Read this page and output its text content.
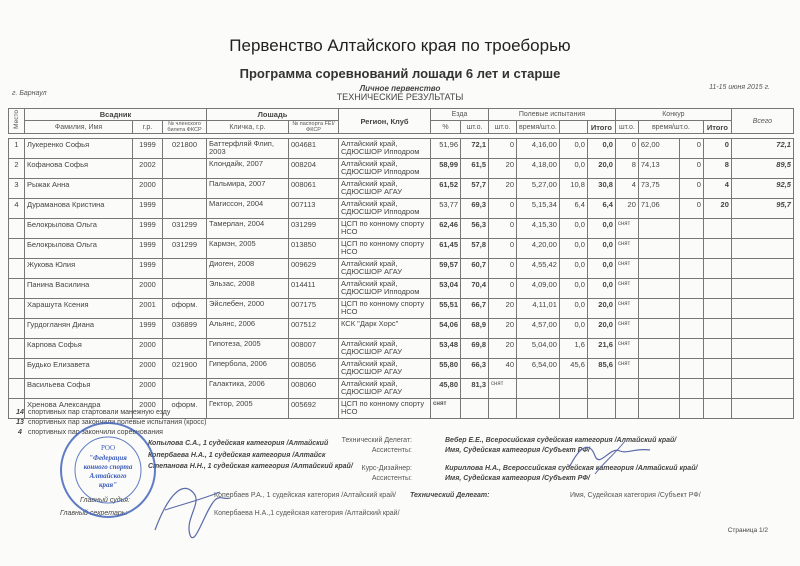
Первенство Алтайского края по троеборью
Программа соревнований лошади 6 лет и старше
Личное первенство	11-15 июня 2015 г.
г. Барнаул	ТЕХНИЧЕСКИЕ РЕЗУЛЬТАТЫ
Место	Всадник			Лошадь		Регион, Клуб	Езда		Полевые испытания				Конкур				Всего
	Фамилия, Имя	г.р.	№ членского билета ФКСР	Кличка, г.р.	№ паспорта FEI/ФКСР		%	шт.о.	шт.о.	время/шт.о.		Итого	шт.о.	время/шт.о.		Итого	

1	Лукеренко Софья	1999	021800	Баттерфляй Флип, 2003	004681	Алтайский край, СДЮСШОР Ипподром	51,96	72,1	0	4,16,00	0,0	0,0	0	62,00	0	0	72,1
2	Кофанова Софья	2002		Клондайк, 2007	008204	Алтайский край, СДЮСШОР Ипподром	58,99	61,5	20	4,18,00	0,0	20,0	8	74,13	0	8	89,5
3	Рыжак Анна	2000		Пальмира, 2007	008061	Алтайский край, СДЮСШОР АГАУ	61,52	57,7	20	5,27,00	10,8	30,8	4	73,75	0	4	92,5
4	Дураманова Кристина	1999		Магиссон, 2004	007113	Алтайский край, СДЮСШОР Ипподром	53,77	69,3	0	5,15,34	6,4	6,4	20	71,06	0	20	95,7
	Белокрылова Ольга	1999	031299	Тамерлан, 2004	031299	ЦСП по конному спорту НСО	62,46	56,3	0	4,15,30	0,0	0,0	снят				
	Белокрылова Ольга	1999	031299	Кармэн, 2005	013850	ЦСП по конному спорту НСО	61,45	57,8	0	4,20,00	0,0	0,0	снят				
	Жукова Юлия	1999		Диоген, 2008	009629	Алтайский край, СДЮСШОР АГАУ	59,57	60,7	0	4,55,42	0,0	0,0	снят				
	Панина Василина	2000		Эльзас, 2008	014411	Алтайский край, СДЮСШОР Ипподром	53,04	70,4	0	4,09,00	0,0	0,0	снят				
	Харашута Ксения	2001	оформ.	Эйслебен, 2000	007175	ЦСП по конному спорту НСО	55,51	66,7	20	4,11,01	0,0	20,0	снят				
	Гурдогланян Диана	1999	036899	Альянс, 2006	007512	КСК "Дарк Хорс"	54,06	68,9	20	4,57,00	0,0	20,0	снят				
	Карпова Софья	2000		Гипотеза, 2005	008007	Алтайский край, СДЮСШОР АГАУ	53,48	69,8	20	5,04,00	1,6	21,6	снят				
	Будько Елизавета	2000	021900	Гипербола, 2006	008056	Алтайский край, СДЮСШОР АГАУ	55,80	66,3	40	6,54,00	45,6	85,6	снят				
	Васильева Софья	2000		Галактика, 2006	008060	Алтайский край, СДЮСШОР АГАУ	45,80	81,3	снят								
	Хренова Александра	2000	оформ.	Гектор, 2005	005692	ЦСП по конному спорту НСО	снят										
14 спортивных пар стартовали манежную езду
13 спортивных пар закончили полевые испытания (кросс)
4 спортивных пар закончили соревнования
Копылова С.А., 1 судейская категория /Алтайский
Копербаева Н.А., 1 судейская категория /Алтайск
Степанова Н.Н., 1 судейская категория /Алтайский край/
Технический Делегат:	Вебер Е.Е., Всеросийская судейская категория /Алтайский край/
Ассистенты:	Имя, Судейская категория /Субъект РФ/
Курс-Дизайнер:	Кириллова Н.А., Всероссийская судейская категория /Алтайский край/
Ассистенты:	Имя, Судейская категория /Субъект РФ/
Главный судья:
Копербаев Р.А., 1 судейская категория /Алтайский край/ Технический Делегат:	Имя, Судейская категория /Субъект РФ/
Главный секретарь:	Копербаева Н.А.,1 судейская категория /Алтайский край/
"Федерация
конного спорта
Алтайского
края"
РОО
Страница 1/2
